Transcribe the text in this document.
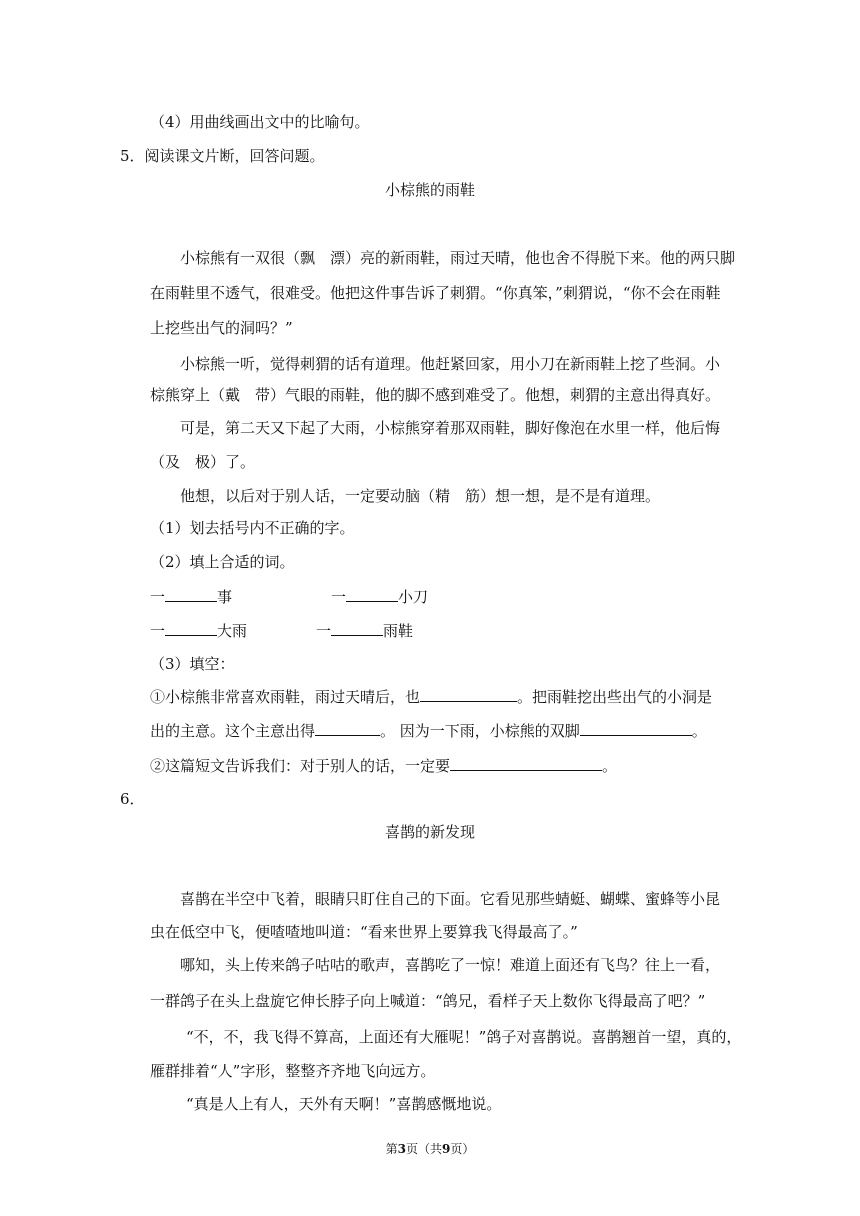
（4）用曲线画出文中的比喻句。
5．阅读课文片断，回答问题。
小棕熊的雨鞋
小棕熊有一双很（飘　漂）亮的新雨鞋，雨过天晴，他也舍不得脱下来。他的两只脚
在雨鞋里不透气，很难受。他把这件事告诉了刺猬。“你真笨，”刺猬说，“你不会在雨鞋
上挖些出气的洞吗？”
小棕熊一听，觉得刺猬的话有道理。他赶紧回家，用小刀在新雨鞋上挖了些洞。小
棕熊穿上（戴　带）气眼的雨鞋，他的脚不感到难受了。他想，刺猬的主意出得真好。
可是，第二天又下起了大雨，小棕熊穿着那双雨鞋，脚好像泡在水里一样，他后悔
（及　极）了。
他想，以后对于别人话，一定要动脑（精　筋）想一想，是不是有道理。
（1）划去括号内不正确的字。
（2）填上合适的词。
一	事	一	小刀
一	大雨	一	雨鞋
（3）填空：
①小棕熊非常喜欢雨鞋，雨过天晴后，也	。把雨鞋挖出些出气的小洞是
出的主意。这个主意出得	。 因为一下雨，小棕熊的双脚	。
②这篇短文告诉我们：对于别人的话，一定要	。
6．
喜鹊的新发现
喜鹊在半空中飞着，眼睛只盯住自己的下面。它看见那些蜻蜓、蝴蝶、蜜蜂等小昆
虫在低空中飞，便喳喳地叫道：“看来世界上要算我飞得最高了。”
哪知，头上传来鸽子咕咕的歌声，喜鹊吃了一惊！难道上面还有飞鸟？往上一看，
一群鸽子在头上盘旋它伸长脖子向上喊道：“鸽兄，看样子天上数你飞得最高了吧？”
“不，不，我飞得不算高，上面还有大雁呢！”鸽子对喜鹊说。喜鹊翘首一望，真的，
雁群排着“人”字形，整整齐齐地飞向远方。
“真是人上有人，天外有天啊！”喜鹊感慨地说。
第3页（共9页）
